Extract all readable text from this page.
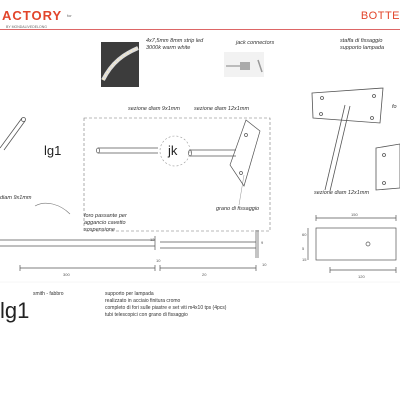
ACTORY
BY MONDALIVEDELONG
for	BOTTE
4x7,5mm 8mm strip led
3000k warm white
jack connectors	staffa di fissaggio
supporto lampada
sezione diam 9x1mm	sezione diam 12x1mm
foro passante per
aggancio cavetto
sospensione
grano di fissaggio
sezione diam 12x1mm
diam 9x1mm
fo
lg1	jk
lg1
300
10
20
150
120
12
9
60
5
10
15
smith - fabbro	supporto per lampada
realizzato in acciaio finitura cromo
completo di fori sulle piastre e set viti m4x10 tps (4pcs)
tubi telescopici con grano di fissaggio
